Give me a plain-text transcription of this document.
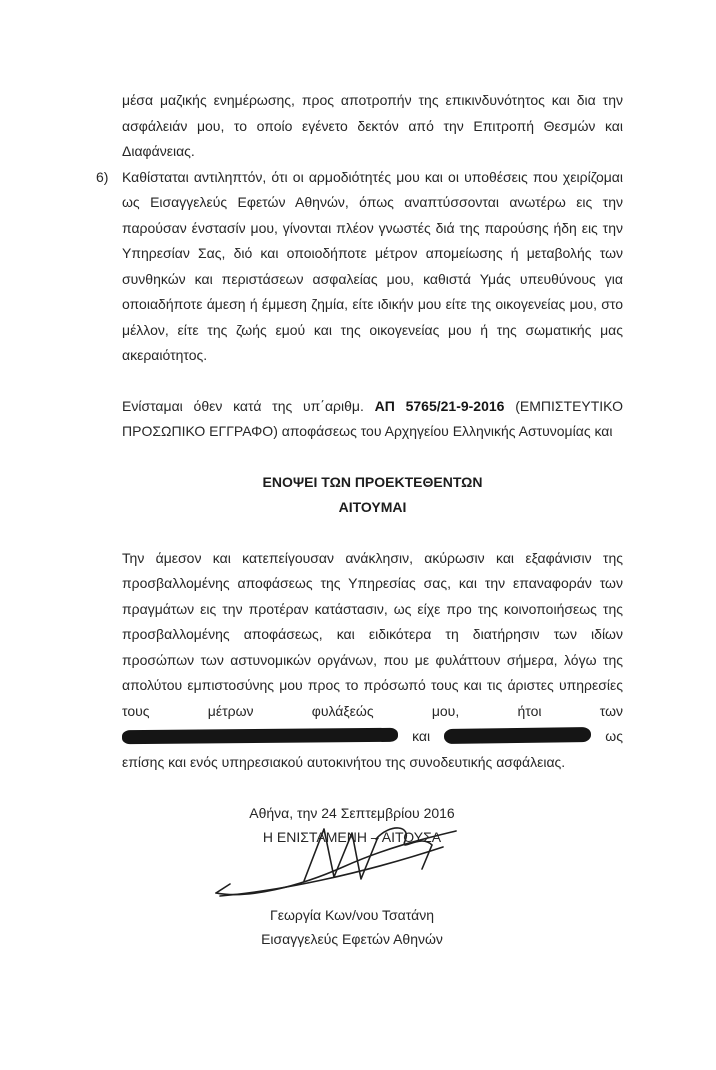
μέσα μαζικής ενημέρωσης, προς αποτροπήν της επικινδυνότητος και δια την ασφάλειάν μου, το οποίο εγένετο δεκτόν από την Επιτροπή Θεσμών και Διαφάνειας.

6) Καθίσταται αντιληπτόν, ότι οι αρμοδιότητές μου και οι υποθέσεις που χειρίζομαι ως Εισαγγελεύς Εφετών Αθηνών, όπως αναπτύσσονται ανωτέρω εις την παρούσαν ένστασίν μου, γίνονται πλέον γνωστές διά της παρούσης ήδη εις την Υπηρεσίαν Σας, διό και οποιοδήποτε μέτρον απομείωσης ή μεταβολής των συνθηκών και περιστάσεων ασφαλείας μου, καθιστά Υμάς υπευθύνους για οποιαδήποτε άμεση ή έμμεση ζημία, είτε ιδικήν μου είτε της οικογενείας μου, στο μέλλον, είτε της ζωής εμού και της οικογενείας μου ή της σωματικής μας ακεραιότητος.

Ενίσταμαι όθεν κατά της υπ΄αριθμ. ΑΠ 5765/21-9-2016 (ΕΜΠΙΣΤΕΥΤΙΚΟ ΠΡΟΣΩΠΙΚΟ ΕΓΓΡΑΦΟ) αποφάσεως του Αρχηγείου Ελληνικής Αστυνομίας και

ΕΝΟΨΕΙ ΤΩΝ ΠΡΟΕΚΤΕΘΕΝΤΩΝ

ΑΙΤΟΥΜΑΙ

Την άμεσον και κατεπείγουσαν ανάκλησιν, ακύρωσιν και εξαφάνισιν της προσβαλλομένης αποφάσεως της Υπηρεσίας σας, και την επαναφοράν των πραγμάτων εις την προτέραν κατάστασιν, ως είχε προ της κοινοποιήσεως της προσβαλλομένης αποφάσεως, και ειδικότερα τη διατήρησιν των ιδίων προσώπων των αστυνομικών οργάνων, που με φυλάττουν σήμερα, λόγω της απολύτου εμπιστοσύνης μου προς το πρόσωπό τους και τις άριστες υπηρεσίες τους μέτρων φυλάξεώς μου, ήτοι των  και	ως επίσης και ενός υπηρεσιακού αυτοκινήτου της συνοδευτικής ασφάλειας.

Αθήνα, την 24 Σεπτεμβρίου 2016

Η ΕΝΙΣΤΑΜΕΝΗ – ΑΙΤΟΥΣΑ

Γεωργία Κων/νου Τσατάνη

Εισαγγελεύς Εφετών Αθηνών
